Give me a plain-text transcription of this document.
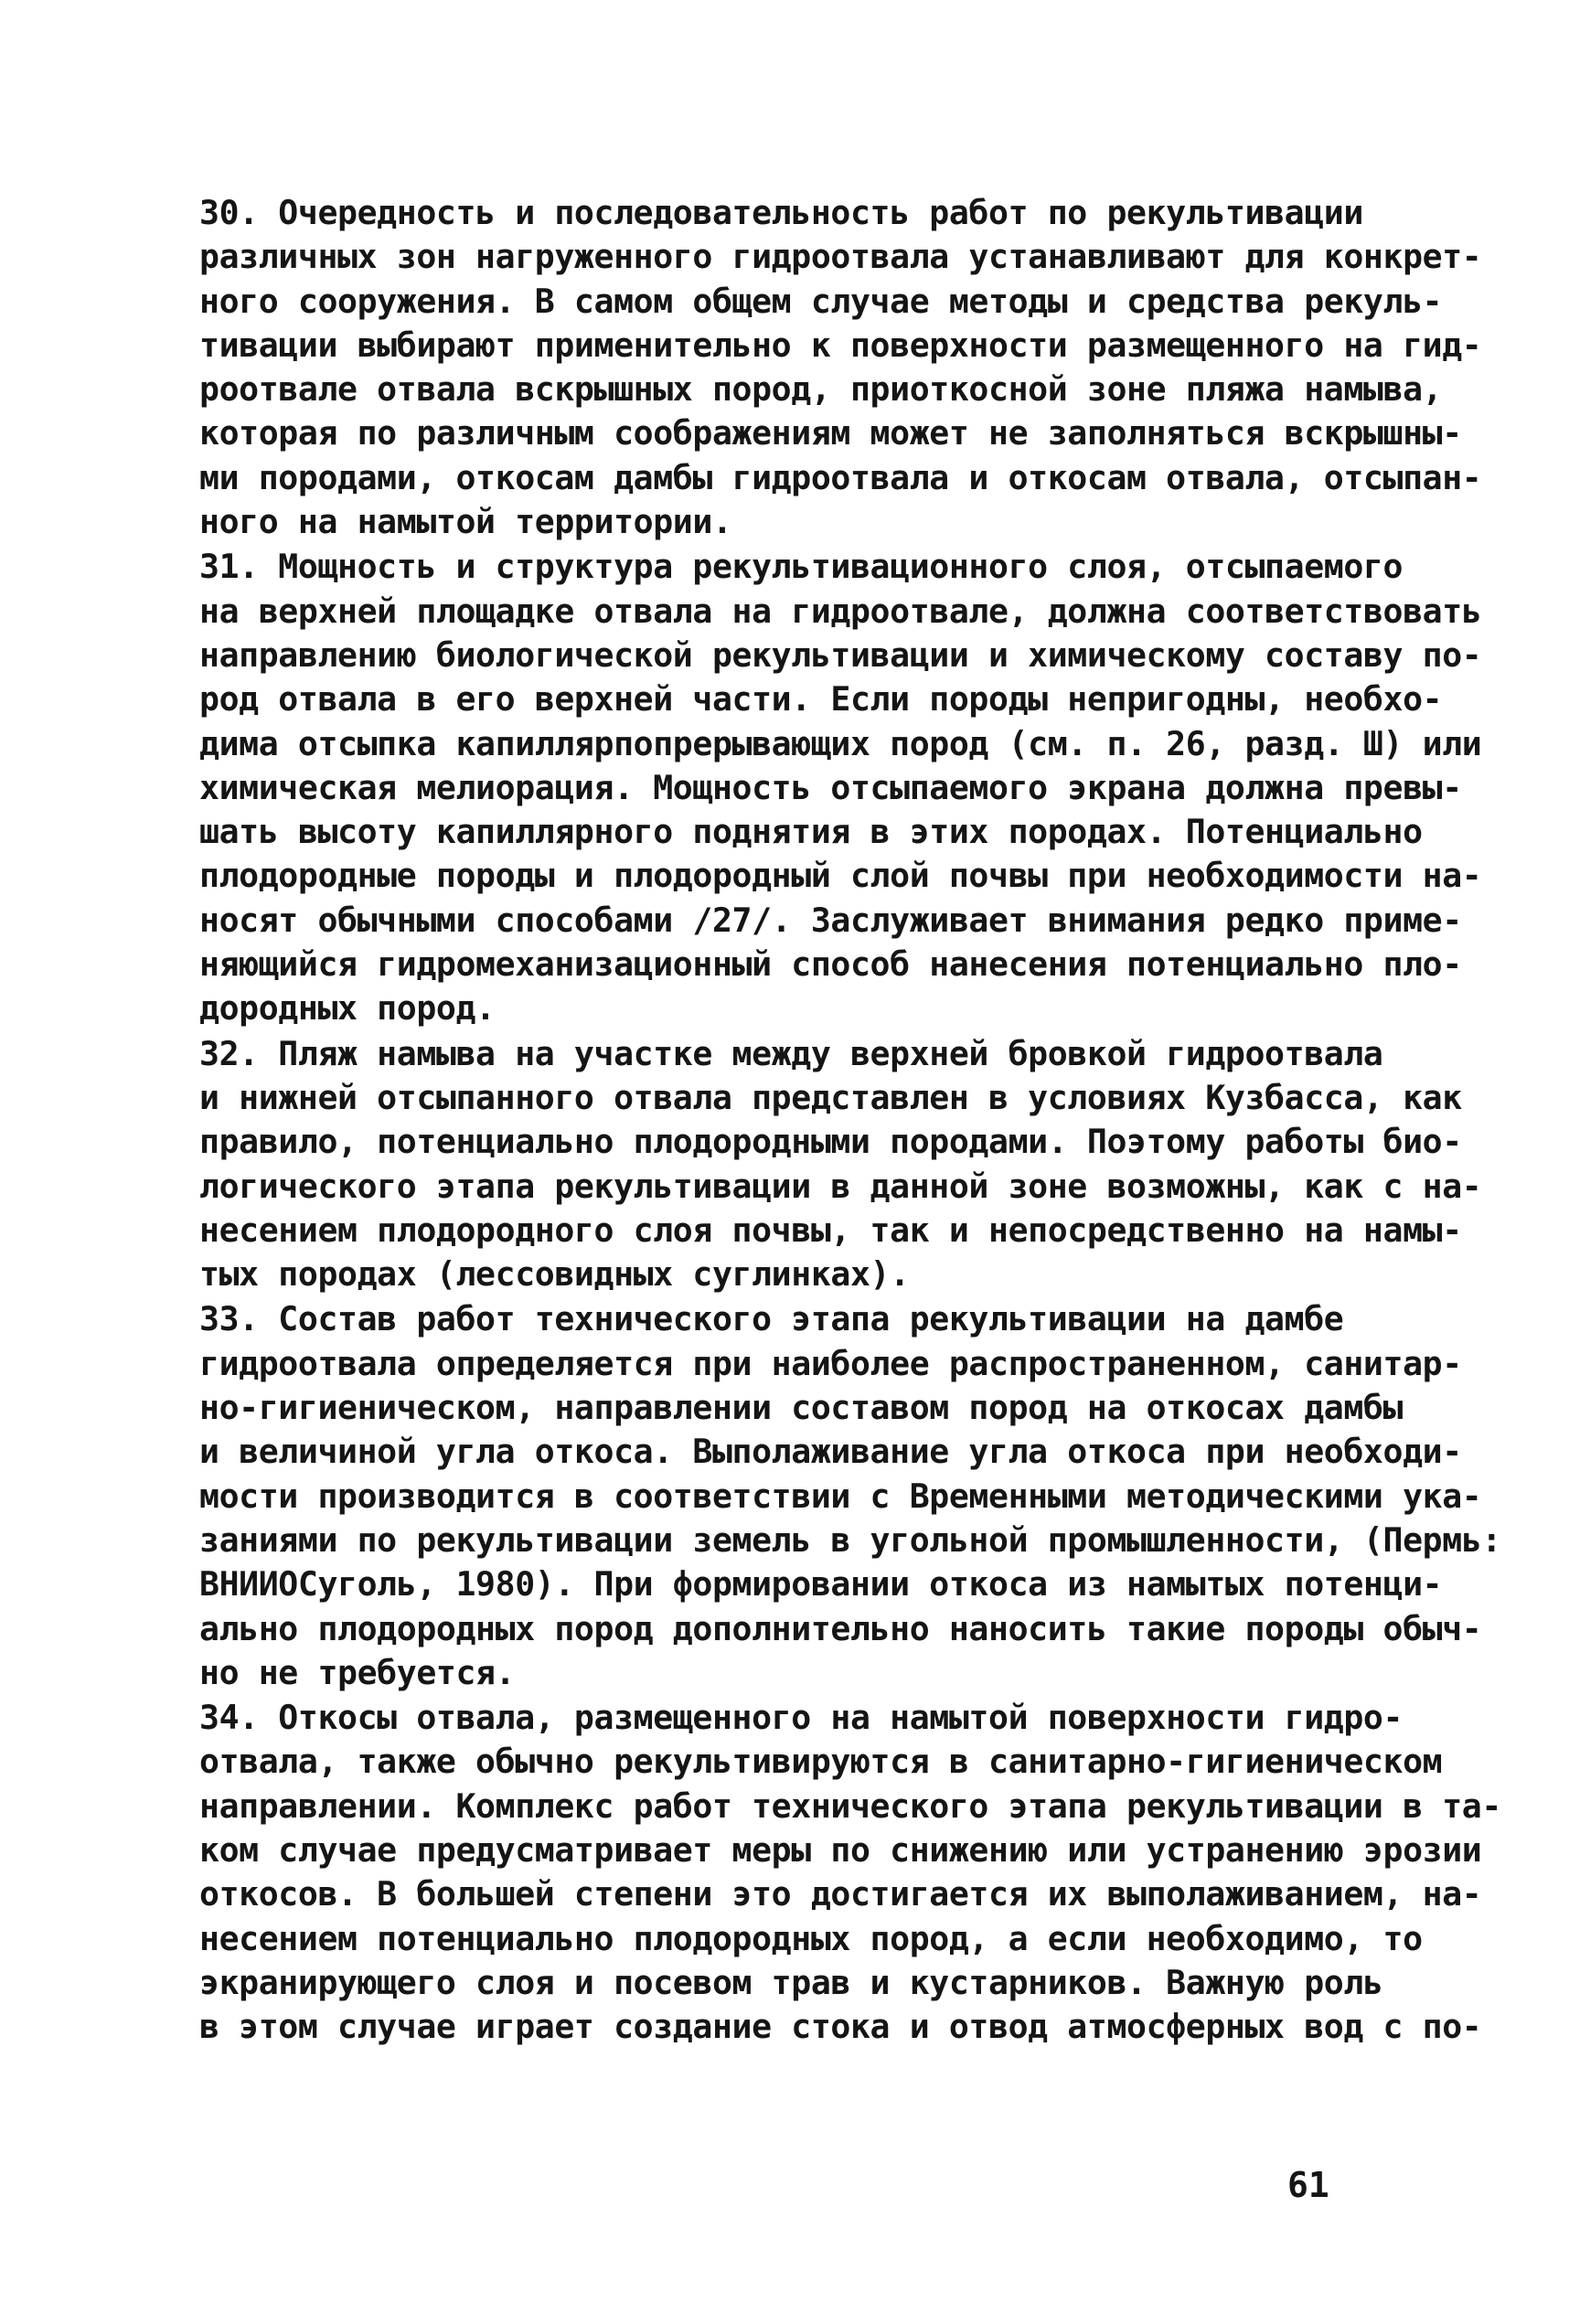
30. Очередность и последовательность работ по рекультивации
различных зон нагруженного гидроотвала устанавливают для конкрет-
ного сооружения. В самом общем случае методы и средства рекуль-
тивации выбирают применительно к поверхности размещенного на гид-
роотвале отвала вскрышных пород, приоткосной зоне пляжа намыва,
которая по различным соображениям может не заполняться вскрышны-
ми породами, откосам дамбы гидроотвала и откосам отвала, отсыпан-
ного на намытой территории.
31. Мощность и структура рекультивационного слоя, отсыпаемого
на верхней площадке отвала на гидроотвале, должна соответствовать
направлению биологической рекультивации и химическому составу по-
род отвала в его верхней части. Если породы непригодны, необхо-
дима отсыпка капиллярпопрерывающих пород (см. п. 26, разд. Ш) или
химическая мелиорация. Мощность отсыпаемого экрана должна превы-
шать высоту капиллярного поднятия в этих породах. Потенциально
плодородные породы и плодородный слой почвы при необходимости на-
носят обычными способами /27/. Заслуживает внимания редко приме-
няющийся гидромеханизационный способ нанесения потенциально пло-
дородных пород.
32. Пляж намыва на участке между верхней бровкой гидроотвала
и нижней отсыпанного отвала представлен в условиях Кузбасса, как
правило, потенциально плодородными породами. Поэтому работы био-
логического этапа рекультивации в данной зоне возможны, как с на-
несением плодородного слоя почвы, так и непосредственно на намы-
тых породах (лессовидных суглинках).
33. Состав работ технического этапа рекультивации на дамбе
гидроотвала определяется при наиболее распространенном, санитар-
но-гигиеническом, направлении составом пород на откосах дамбы
и величиной угла откоса. Выполаживание угла откоса при необходи-
мости производится в соответствии с Временными методическими ука-
заниями по рекультивации земель в угольной промышленности, (Пермь:
ВНИИОСуголь, 1980). При формировании откоса из намытых потенци-
ально плодородных пород дополнительно наносить такие породы обыч-
но не требуется.
34. Откосы отвала, размещенного на намытой поверхности гидро-
отвала, также обычно рекультивируются в санитарно-гигиеническом
направлении. Комплекс работ технического этапа рекультивации в та-
ком случае предусматривает меры по снижению или устранению эрозии
откосов. В большей степени это достигается их выполаживанием, на-
несением потенциально плодородных пород, а если необходимо, то
экранирующего слоя и посевом трав и кустарников. Важную роль
в этом случае играет создание стока и отвод атмосферных вод с по-
61
